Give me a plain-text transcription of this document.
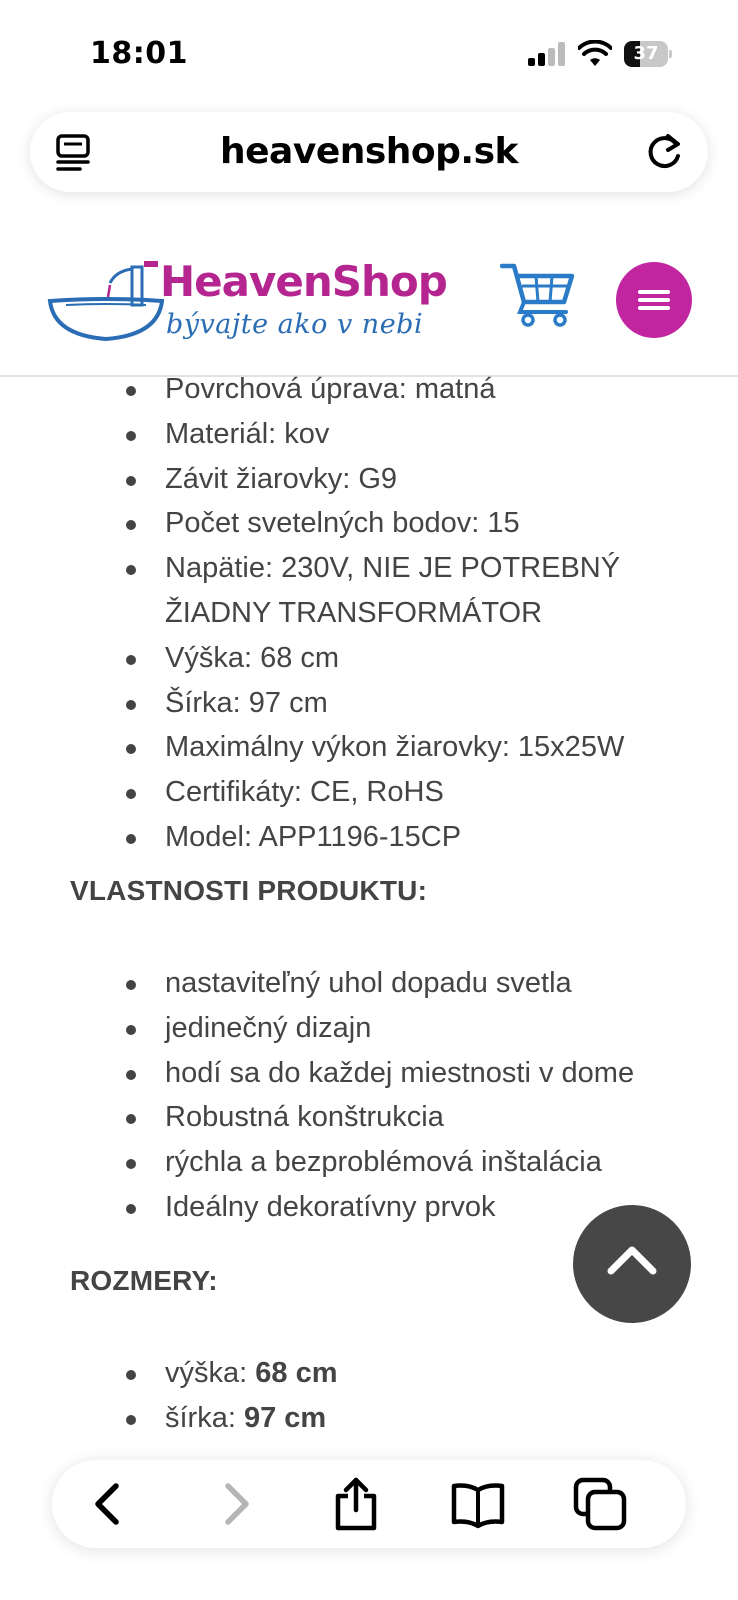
18:01	37
heavenshop.sk
HeavenShop
bývajte ako v nebi
Povrchová úprava: matná
Materiál: kov
Závit žiarovky: G9
Počet svetelných bodov: 15
Napätie: 230V, NIE JE POTREBNÝ ŽIADNY TRANSFORMÁTOR
Výška: 68 cm
Šírka: 97 cm
Maximálny výkon žiarovky: 15x25W
Certifikáty: CE, RoHS
Model: APP1196-15CP
VLASTNOSTI PRODUKTU:
nastaviteľný uhol dopadu svetla
jedinečný dizajn
hodí sa do každej miestnosti v dome
Robustná konštrukcia
rýchla a bezproblémová inštalácia
Ideálny dekoratívny prvok
ROZMERY:
výška: 68 cm
šírka: 97 cm
